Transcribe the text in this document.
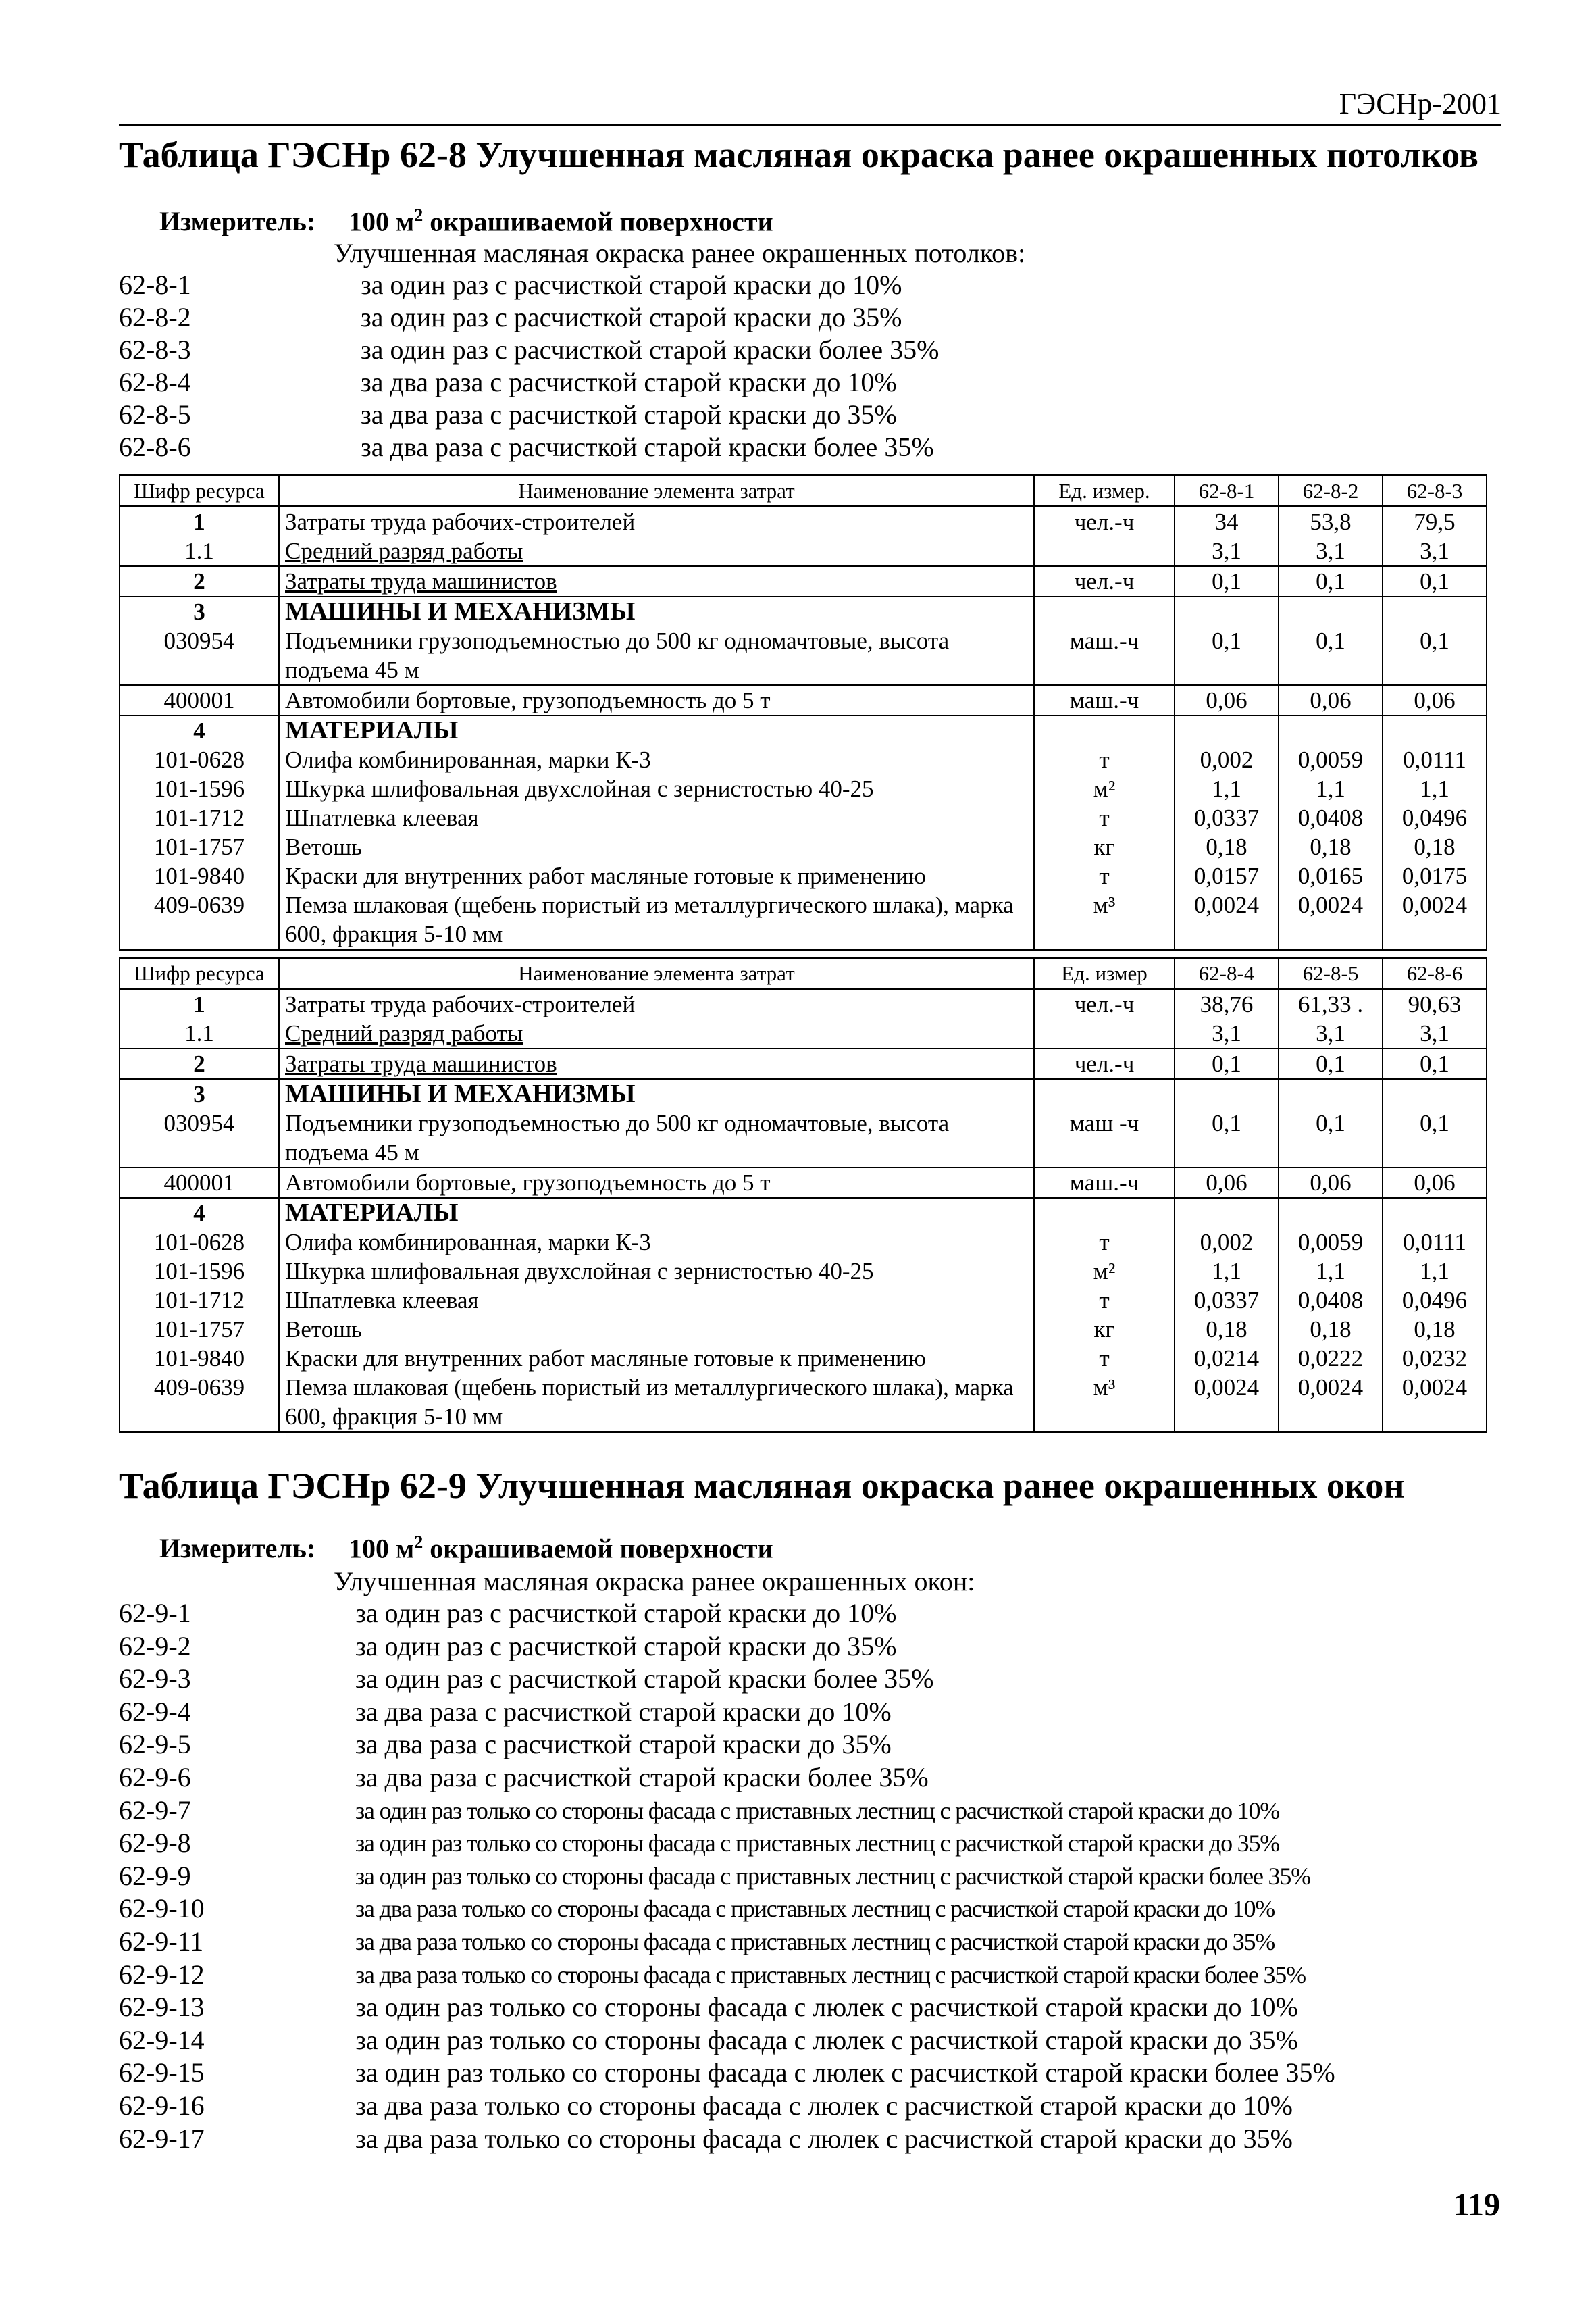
ГЭСНр-2001
Таблица ГЭСНр 62-8 Улучшенная масляная окраска ранее окрашенных потолков
Измеритель: 100 $м^2$ окрашиваемой поверхности
Улучшенная масляная окраска ранее окрашенных потолков:
62-8-1	за один раз с расчисткой старой краски до 10%
62-8-2	за один раз с расчисткой старой краски до 35%
62-8-3	за один раз с расчисткой старой краски более 35%
62-8-4	за два раза с расчисткой старой краски до 10%
62-8-5	за два раза с расчисткой старой краски до 35%
62-8-6	за два раза с расчисткой старой краски более 35%
Шифр ресурса	Наименование элемента затрат	Ед. измер.	62-8-1	62-8-2	62-8-3
1	Затраты труда рабочих-строителей	чел.-ч	34	53,8	79,5
1.1	Средний разряд работы		3,1	3,1	3,1
2	Затраты труда машинистов	чел.-ч	0,1	0,1	0,1
3	МАШИНЫ И МЕХАНИЗМЫ				
030954	Подъемники грузоподъемностью до 500 кг одномачтовые, высота подъема 45 м	маш.-ч	0,1	0,1	0,1
400001	Автомобили бортовые, грузоподъемность до 5 т	маш.-ч	0,06	0,06	0,06
4	МАТЕРИАЛЫ				
101-0628	Олифа комбинированная, марки К-3	т	0,002	0,0059	0,0111
101-1596	Шкурка шлифовальная двухслойная с зернистостью 40-25	м²	1,1	1,1	1,1
101-1712	Шпатлевка клеевая	т	0,0337	0,0408	0,0496
101-1757	Ветошь	кг	0,18	0,18	0,18
101-9840	Краски для внутренних работ масляные готовые к применению	т	0,0157	0,0165	0,0175
409-0639	Пемза шлаковая (щебень пористый из металлургического шлака), марка 600, фракция 5-10 мм	м³	0,0024	0,0024	0,0024
Шифр ресурса	Наименование элемента затрат	Ед. измер	62-8-4	62-8-5	62-8-6
1	Затраты труда рабочих-строителей	чел.-ч	38,76	61,33 .	90,63
1.1	Средний разряд работы		3,1	3,1	3,1
2	Затраты труда машинистов	чел.-ч	0,1	0,1	0,1
3	МАШИНЫ И МЕХАНИЗМЫ				
030954	Подъемники грузоподъемностью до 500 кг одномачтовые, высота подъема 45 м	маш -ч	0,1	0,1	0,1
400001	Автомобили бортовые, грузоподъемность до 5 т	маш.-ч	0,06	0,06	0,06
4	МАТЕРИАЛЫ				
101-0628	Олифа комбинированная, марки К-3	т	0,002	0,0059	0,0111
101-1596	Шкурка шлифовальная двухслойная с зернистостью 40-25	м²	1,1	1,1	1,1
101-1712	Шпатлевка клеевая	т	0,0337	0,0408	0,0496
101-1757	Ветошь	кг	0,18	0,18	0,18
101-9840	Краски для внутренних работ масляные готовые к применению	т	0,0214	0,0222	0,0232
409-0639	Пемза шлаковая (щебень пористый из металлургического шлака), марка 600, фракция 5-10 мм	м³	0,0024	0,0024	0,0024
Таблица ГЭСНр 62-9 Улучшенная масляная окраска ранее окрашенных окон
Измеритель: 100 $м^2$ окрашиваемой поверхности
Улучшенная масляная окраска ранее окрашенных окон:
62-9-1	за один раз с расчисткой старой краски до 10%
62-9-2	за один раз с расчисткой старой краски до 35%
62-9-3	за один раз с расчисткой старой краски более 35%
62-9-4	за два раза с расчисткой старой краски до 10%
62-9-5	за два раза с расчисткой старой краски до 35%
62-9-6	за два раза с расчисткой старой краски более 35%
62-9-7	за один раз только со стороны фасада с приставных лестниц с расчисткой старой краски до 10%
62-9-8	за один раз только со стороны фасада с приставных лестниц с расчисткой старой краски до 35%
62-9-9	за один раз только со стороны фасада с приставных лестниц с расчисткой старой краски более 35%
62-9-10	за два раза только со стороны фасада с приставных лестниц с расчисткой старой краски до 10%
62-9-11	за два раза только со стороны фасада с приставных лестниц с расчисткой старой краски до 35%
62-9-12	за два раза только со стороны фасада с приставных лестниц с расчисткой старой краски более 35%
62-9-13	за один раз только со стороны фасада с люлек с расчисткой старой краски до 10%
62-9-14	за один раз только со стороны фасада с люлек с расчисткой старой краски до 35%
62-9-15	за один раз только со стороны фасада с люлек с расчисткой старой краски более 35%
62-9-16	за два раза только со стороны фасада с люлек с расчисткой старой краски до 10%
62-9-17	за два раза только со стороны фасада с люлек с расчисткой старой краски до 35%
119
